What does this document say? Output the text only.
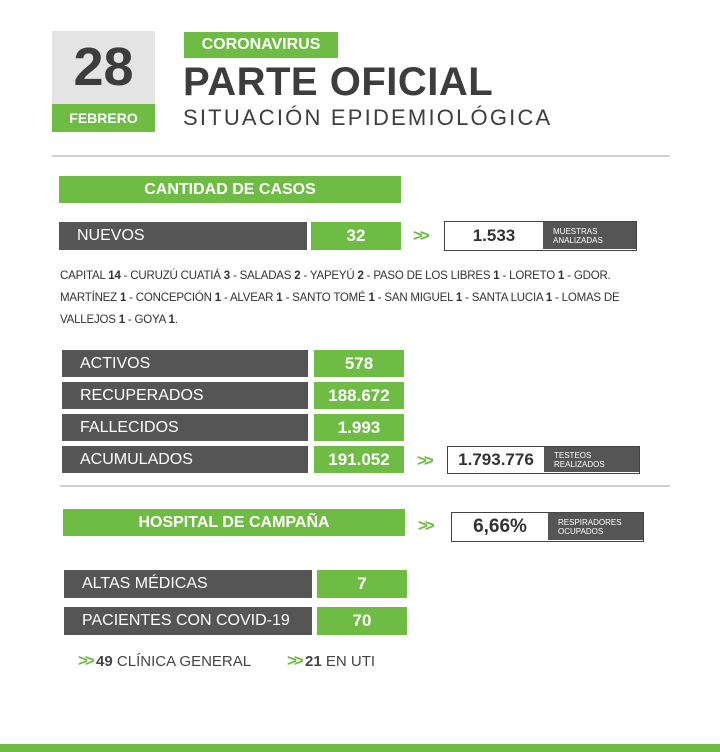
28
FEBRERO
CORONAVIRUS
PARTE OFICIAL
SITUACIÓN EPIDEMIOLÓGICA
CANTIDAD DE CASOS
NUEVOS	32	>>	1.533	MUESTRAS
ANALIZADAS
CAPITAL 14 - CURUZÚ CUATIÁ 3 - SALADAS 2 - YAPEYÚ 2 - PASO DE LOS LIBRES 1 - LORETO 1 - GDOR. MARTÍNEZ 1 - CONCEPCIÓN 1 - ALVEAR 1 - SANTO TOMÉ 1 - SAN MIGUEL 1 - SANTA LUCIA 1 - LOMAS DE VALLEJOS 1 - GOYA 1.
ACTIVOS	578
RECUPERADOS	188.672
FALLECIDOS	1.993
ACUMULADOS	191.052	>>	1.793.776	TESTEOS
REALIZADOS
HOSPITAL DE CAMPAÑA	>>	6,66%	RESPIRADORES
OCUPADOS
ALTAS MÉDICAS	7
PACIENTES CON COVID-19	70
>> 49 CLÍNICA GENERAL >> 21 EN UTI
